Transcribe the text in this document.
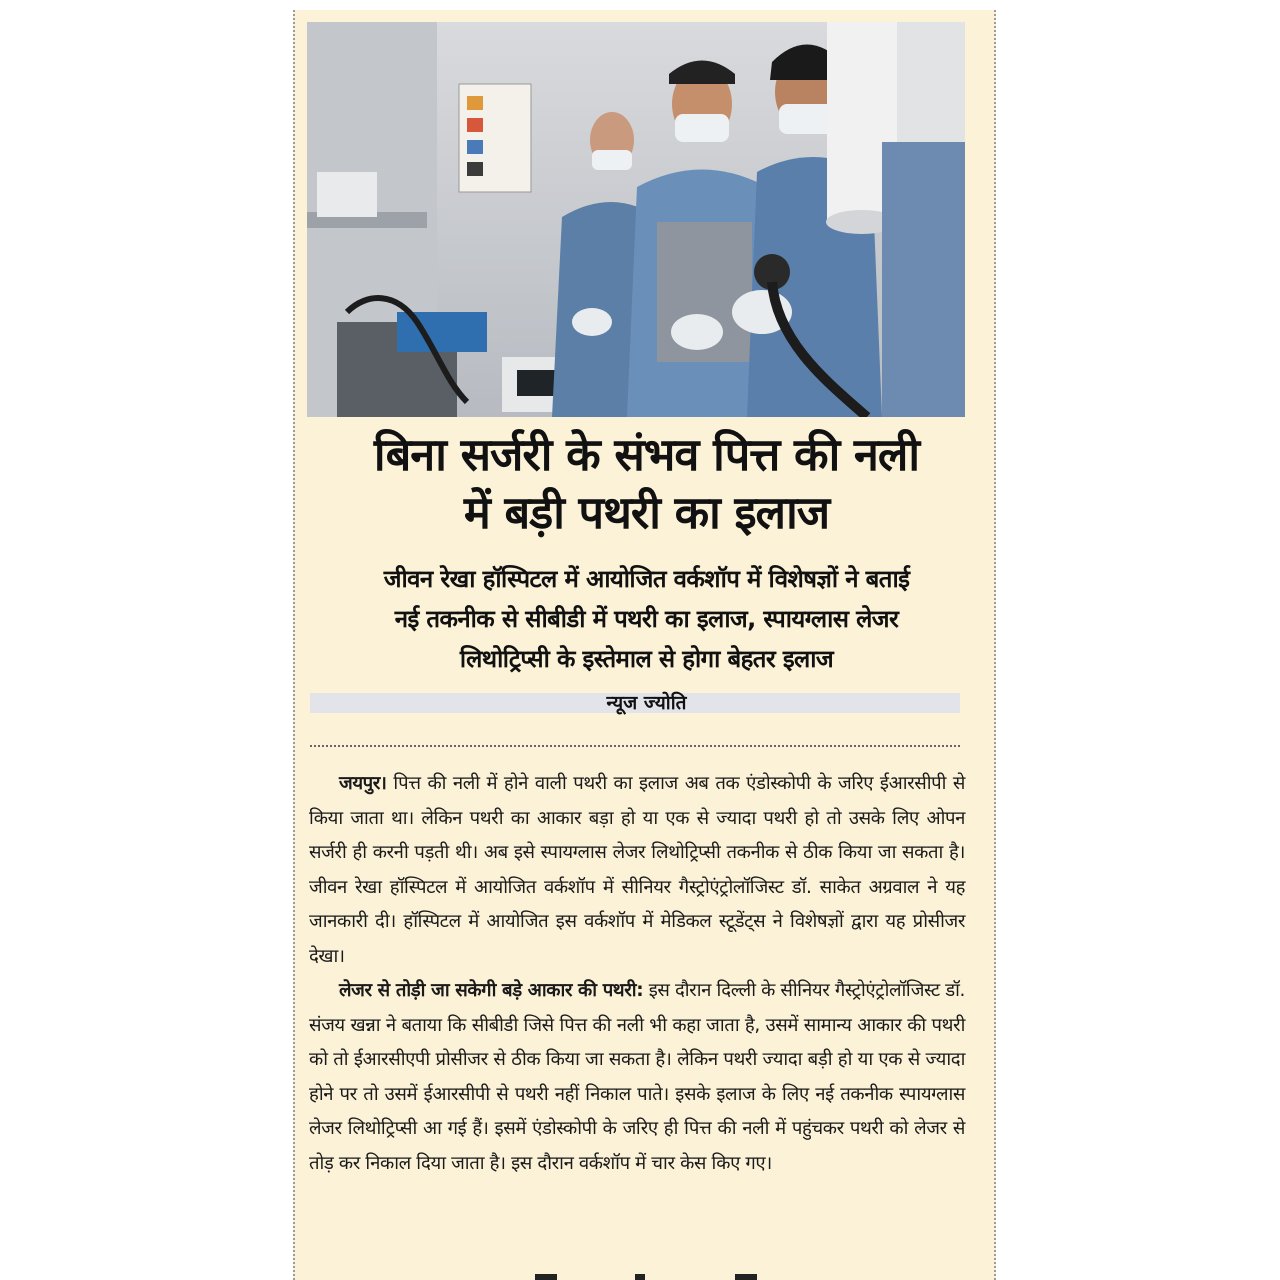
बिना सर्जरी के संभव पित्त की नली
में बड़ी पथरी का इलाज
जीवन रेखा हॉस्पिटल में आयोजित वर्कशॉप में विशेषज्ञों ने बताई
नई तकनीक से सीबीडी में पथरी का इलाज, स्पायग्लास लेजर
लिथोट्रिप्सी के इस्तेमाल से होगा बेहतर इलाज
न्यूज ज्योति

जयपुर। पित्त की नली में होने वाली पथरी का इलाज अब तक एंडोस्कोपी के जरिए ईआरसीपी से किया जाता था। लेकिन पथरी का आकार बड़ा हो या एक से ज्यादा पथरी हो तो उसके लिए ओपन सर्जरी ही करनी पड़ती थी। अब इसे स्पायग्लास लेजर लिथोट्रिप्सी तकनीक से ठीक किया जा सकता है। जीवन रेखा हॉस्पिटल में आयोजित वर्कशॉप में सीनियर गैस्ट्रोएंट्रोलॉजिस्ट डॉ. साकेत अग्रवाल ने यह जानकारी दी। हॉस्पिटल में आयोजित इस वर्कशॉप में मेडिकल स्टूडेंट्स ने विशेषज्ञों द्वारा यह प्रोसीजर देखा।

लेजर से तोड़ी जा सकेगी बड़े आकार की पथरी: इस दौरान दिल्ली के सीनियर गैस्ट्रोएंट्रोलॉजिस्ट डॉ. संजय खन्ना ने बताया कि सीबीडी जिसे पित्त की नली भी कहा जाता है, उसमें सामान्य आकार की पथरी को तो ईआरसीएपी प्रोसीजर से ठीक किया जा सकता है। लेकिन पथरी ज्यादा बड़ी हो या एक से ज्यादा होने पर तो उसमें ईआरसीपी से पथरी नहीं निकाल पाते। इसके इलाज के लिए नई तकनीक स्पायग्लास लेजर लिथोट्रिप्सी आ गई हैं। इसमें एंडोस्कोपी के जरिए ही पित्त की नली में पहुंचकर पथरी को लेजर से तोड़ कर निकाल दिया जाता है। इस दौरान वर्कशॉप में चार केस किए गए।
